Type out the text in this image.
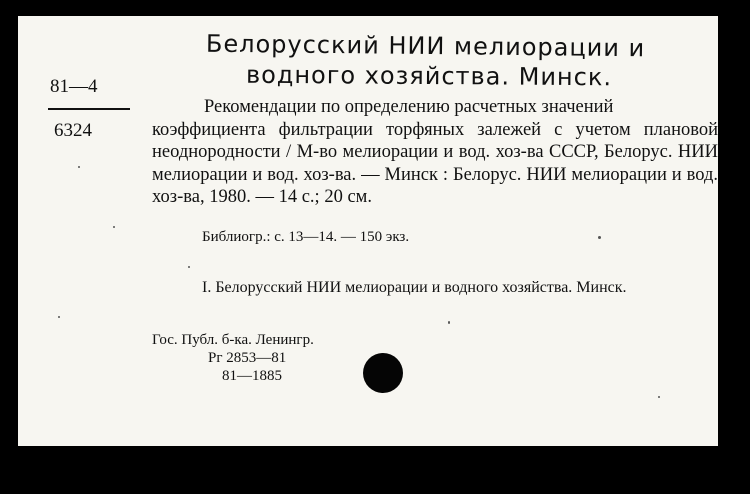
Белорусский НИИ мелиорации и
водного хозяйства. Минск.
81—4
6324
Рекомендации по определению расчетных значений
коэффициента фильтрации торфяных залежей с учетом плановой неоднородности / М-во мелиорации и вод. хоз-ва СССР, Белорус. НИИ мелиорации и вод. хоз-ва. — Минск : Белорус. НИИ мелиорации и вод. хоз-ва, 1980. — 14 с.; 20 см.
Библиогр.: с. 13—14. — 150 экз.
I. Белорусский НИИ мелиорации и водного хозяйства. Минск.
Гос. Публ. б-ка. Ленингр.
Рг 2853—81
81—1885
